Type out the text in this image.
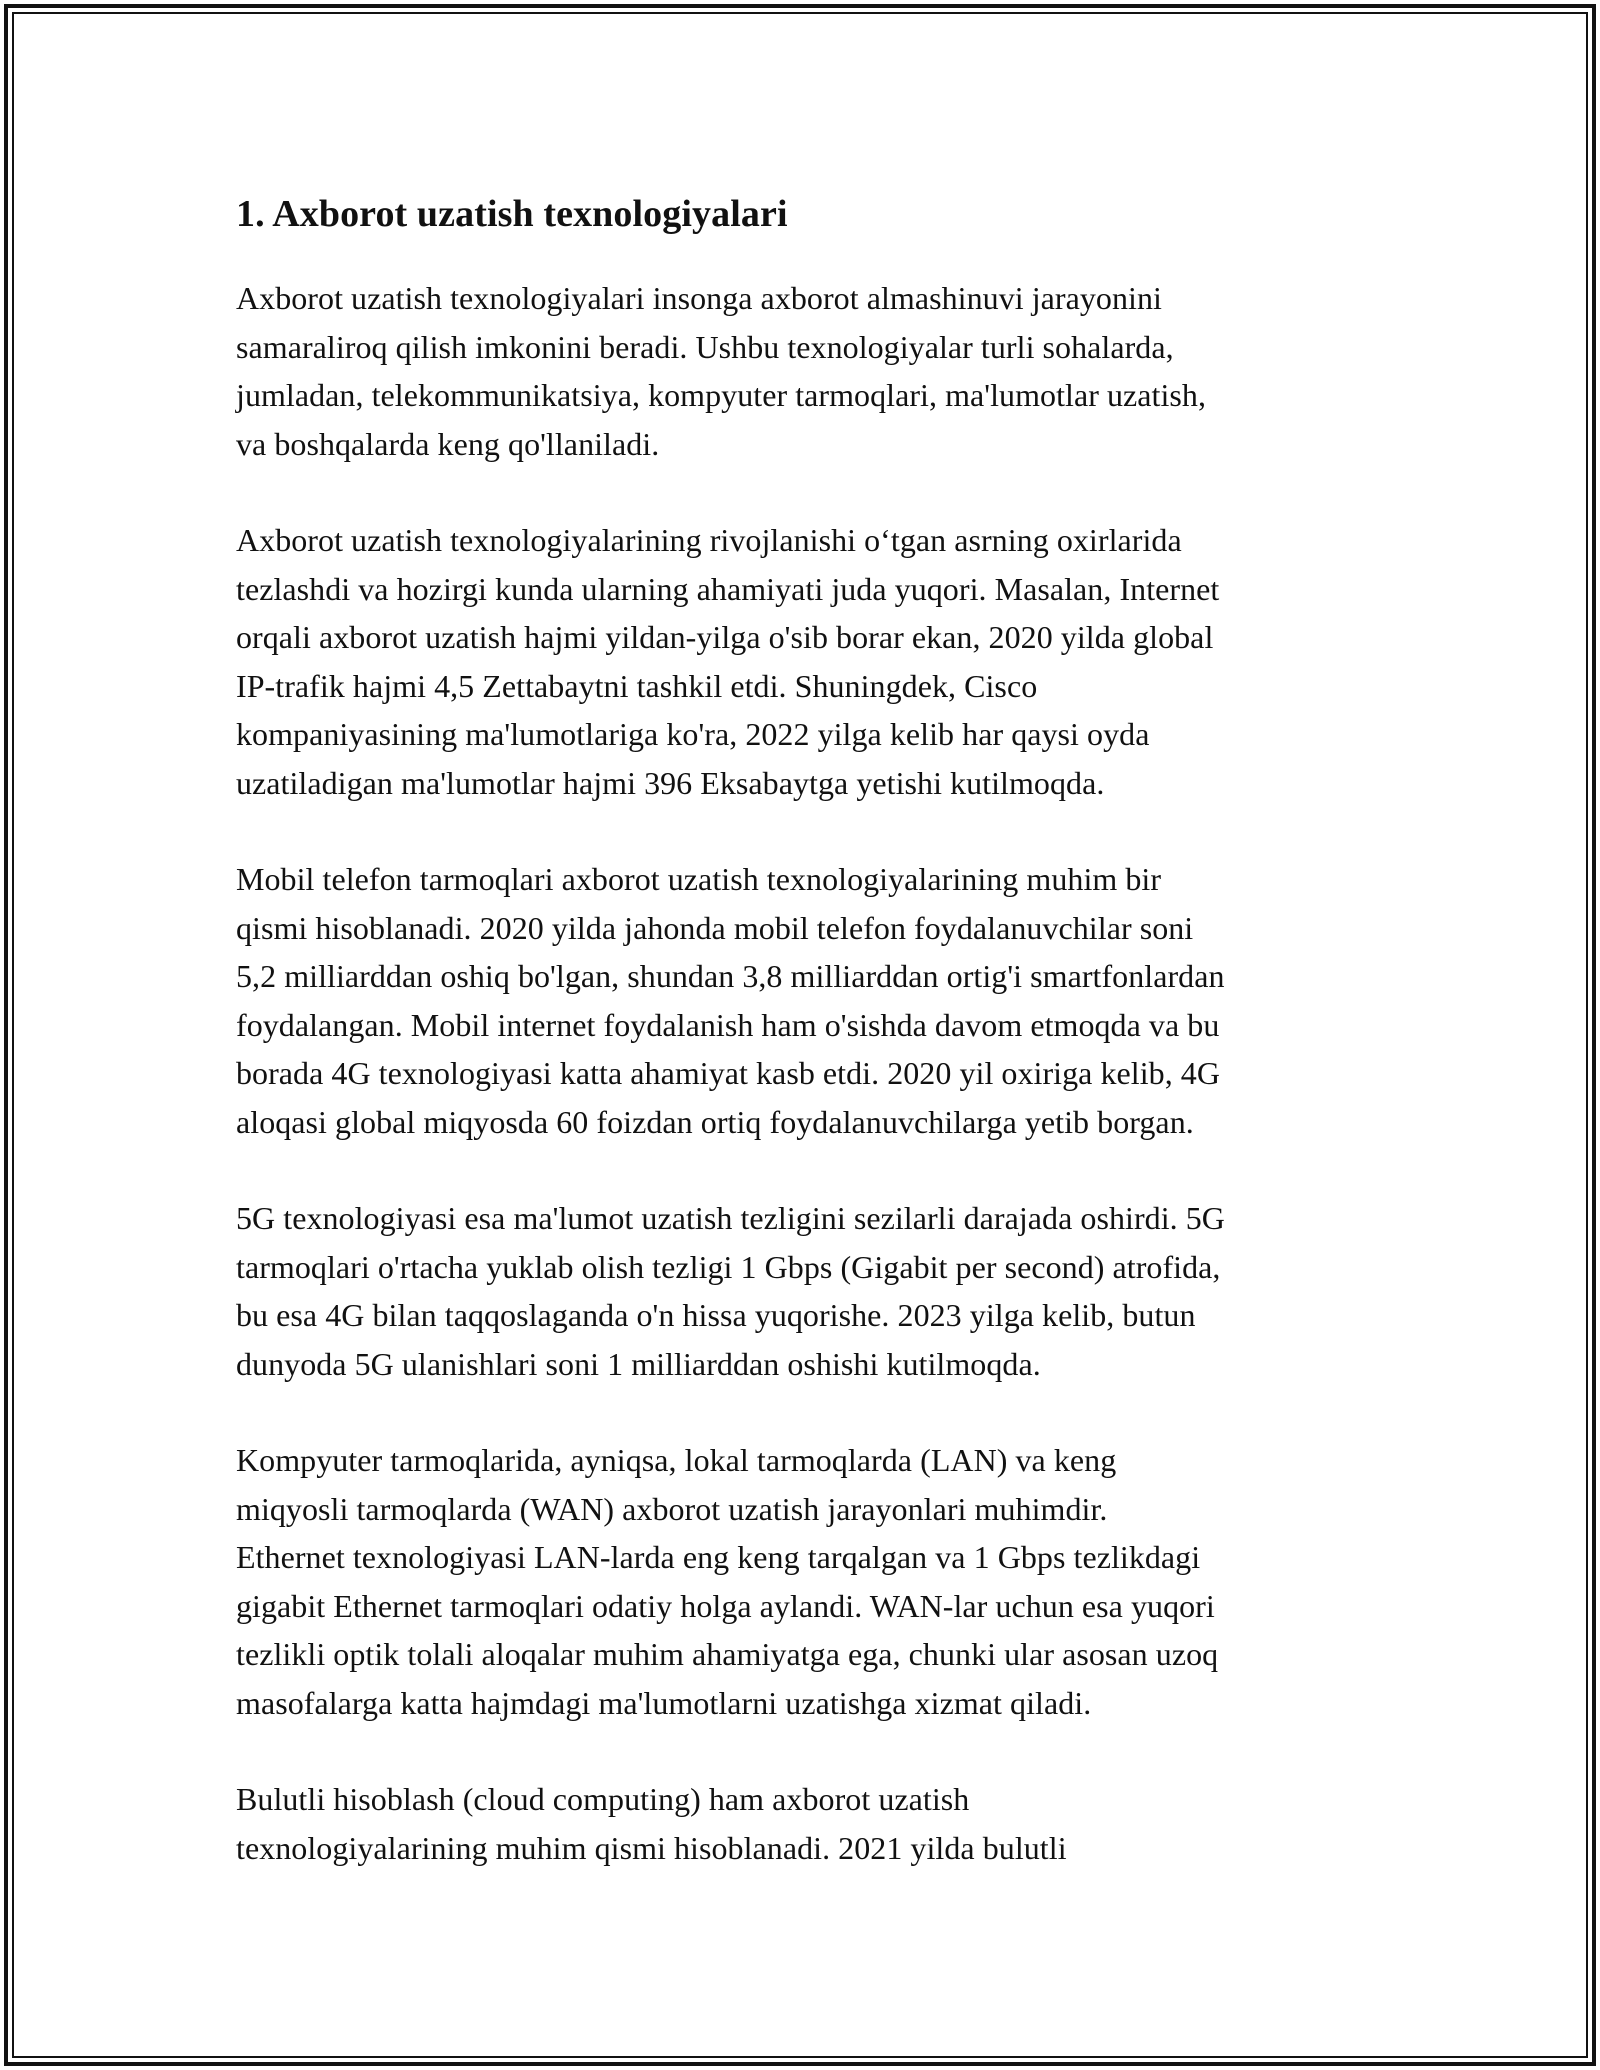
1. Axborot uzatish texnologiyalari

Axborot uzatish texnologiyalari insonga axborot almashinuvi jarayonini
samaraliroq qilish imkonini beradi. Ushbu texnologiyalar turli sohalarda,
jumladan, telekommunikatsiya, kompyuter tarmoqlari, ma'lumotlar uzatish,
va boshqalarda keng qo'llaniladi.

Axborot uzatish texnologiyalarining rivojlanishi o‘tgan asrning oxirlarida
tezlashdi va hozirgi kunda ularning ahamiyati juda yuqori. Masalan, Internet
orqali axborot uzatish hajmi yildan-yilga o'sib borar ekan, 2020 yilda global
IP-trafik hajmi 4,5 Zettabaytni tashkil etdi. Shuningdek, Cisco
kompaniyasining ma'lumotlariga ko'ra, 2022 yilga kelib har qaysi oyda
uzatiladigan ma'lumotlar hajmi 396 Eksabaytga yetishi kutilmoqda.

Mobil telefon tarmoqlari axborot uzatish texnologiyalarining muhim bir
qismi hisoblanadi. 2020 yilda jahonda mobil telefon foydalanuvchilar soni
5,2 milliarddan oshiq bo'lgan, shundan 3,8 milliarddan ortig'i smartfonlardan
foydalangan. Mobil internet foydalanish ham o'sishda davom etmoqda va bu
borada 4G texnologiyasi katta ahamiyat kasb etdi. 2020 yil oxiriga kelib, 4G
aloqasi global miqyosda 60 foizdan ortiq foydalanuvchilarga yetib borgan.

5G texnologiyasi esa ma'lumot uzatish tezligini sezilarli darajada oshirdi. 5G
tarmoqlari o'rtacha yuklab olish tezligi 1 Gbps (Gigabit per second) atrofida,
bu esa 4G bilan taqqoslaganda o'n hissa yuqorishe. 2023 yilga kelib, butun
dunyoda 5G ulanishlari soni 1 milliarddan oshishi kutilmoqda.

Kompyuter tarmoqlarida, ayniqsa, lokal tarmoqlarda (LAN) va keng
miqyosli tarmoqlarda (WAN) axborot uzatish jarayonlari muhimdir.
Ethernet texnologiyasi LAN-larda eng keng tarqalgan va 1 Gbps tezlikdagi
gigabit Ethernet tarmoqlari odatiy holga aylandi. WAN-lar uchun esa yuqori
tezlikli optik tolali aloqalar muhim ahamiyatga ega, chunki ular asosan uzoq
masofalarga katta hajmdagi ma'lumotlarni uzatishga xizmat qiladi.

Bulutli hisoblash (cloud computing) ham axborot uzatish
texnologiyalarining muhim qismi hisoblanadi. 2021 yilda bulutli
